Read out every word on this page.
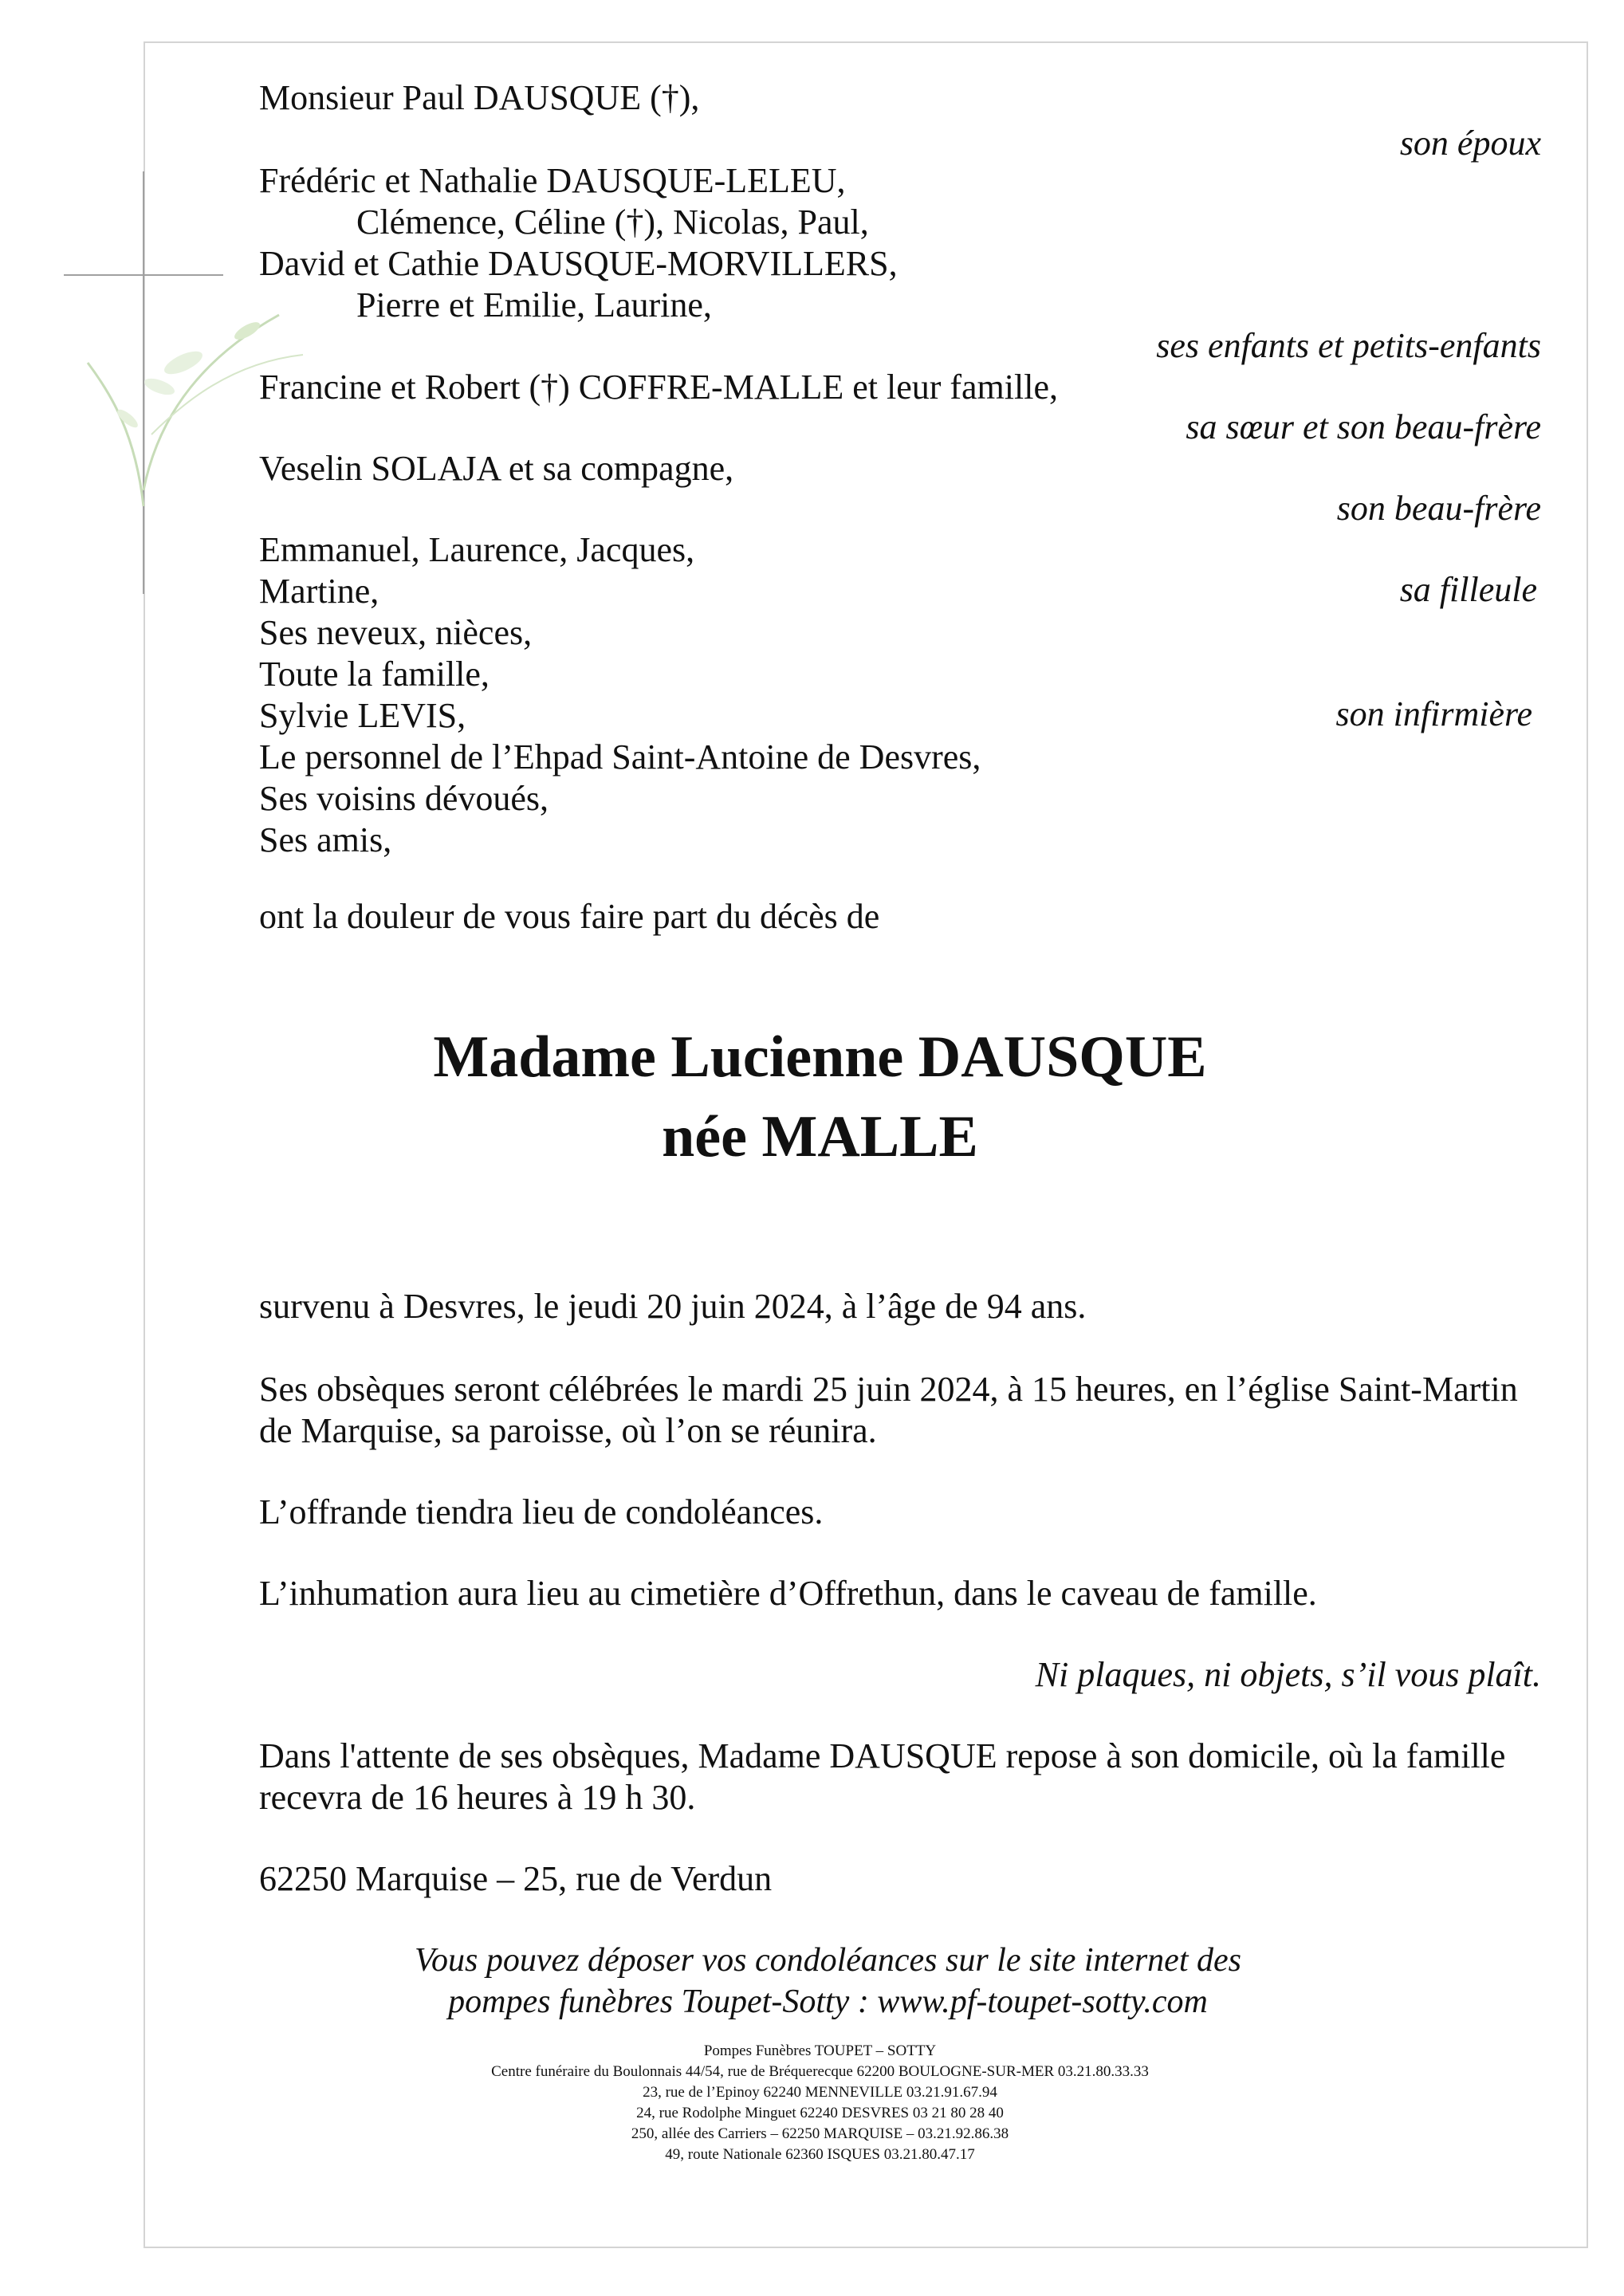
Monsieur Paul DAUSQUE (†),
Frédéric et Nathalie DAUSQUE-LELEU,
Clémence, Céline (†), Nicolas, Paul,
David et Cathie DAUSQUE-MORVILLERS,
Pierre et Emilie, Laurine,
Francine et Robert (†) COFFRE-MALLE et leur famille,
Veselin SOLAJA et sa compagne,
Emmanuel, Laurence, Jacques,
Martine,
Ses neveux, nièces,
Toute la famille,
Sylvie LEVIS,
Le personnel de l’Ehpad Saint-Antoine de Desvres,
Ses voisins dévoués,
Ses amis,
son époux
ses enfants et petits-enfants
sa sœur et son beau-frère
son beau-frère
sa filleule
son infirmière
ont la douleur de vous faire part du décès de
Madame Lucienne DAUSQUE
née MALLE
survenu à Desvres, le jeudi 20 juin 2024, à l’âge de 94 ans.
Ses obsèques seront célébrées le mardi 25 juin 2024, à 15 heures, en l’église Saint-Martin
de Marquise, sa paroisse, où l’on se réunira.
L’offrande tiendra lieu de condoléances.
L’inhumation aura lieu au cimetière d’Offrethun, dans le caveau de famille.
Ni plaques, ni objets, s’il vous plaît.
Dans l'attente de ses obsèques, Madame DAUSQUE repose à son domicile, où la famille
recevra de 16 heures à 19 h 30.
62250 Marquise – 25, rue de Verdun
Vous pouvez déposer vos condoléances sur le site internet des
pompes funèbres Toupet-Sotty : www.pf-toupet-sotty.com
Pompes Funèbres TOUPET – SOTTY
Centre funéraire du Boulonnais 44/54, rue de Bréquerecque 62200 BOULOGNE-SUR-MER 03.21.80.33.33
23, rue de l’Epinoy 62240 MENNEVILLE 03.21.91.67.94
24, rue Rodolphe Minguet 62240 DESVRES 03 21 80 28 40
250, allée des Carriers – 62250 MARQUISE – 03.21.92.86.38
49, route Nationale 62360 ISQUES 03.21.80.47.17
